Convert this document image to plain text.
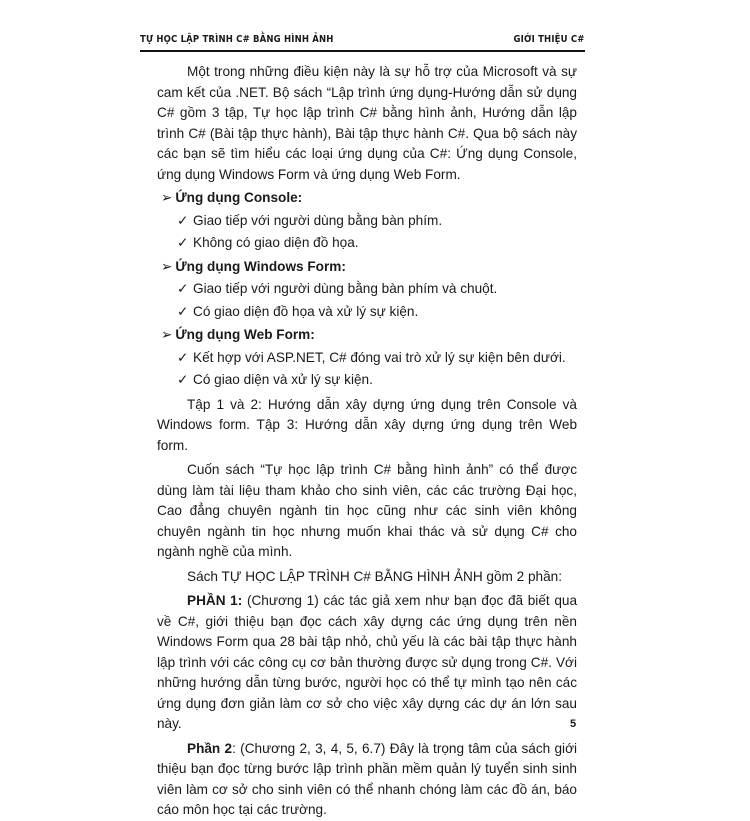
TỰ HỌC LẬP TRÌNH C# BẰNG HÌNH ẢNH	GIỚI THIỆU C#

Một trong những điều kiện này là sự hỗ trợ của Microsoft và sự cam kết của .NET. Bộ sách “Lập trình ứng dụng-Hướng dẫn sử dụng C# gồm 3 tập, Tự học lập trình C# bằng hình ảnh, Hướng dẫn lập trình C# (Bài tập thực hành), Bài tập thực hành C#. Qua bộ sách này các bạn sẽ tìm hiểu các loại ứng dụng của C#: Ứng dụng Console, ứng dụng Windows Form và ứng dụng Web Form.

➢ Ứng dụng Console:

✓ Giao tiếp với người dùng bằng bàn phím.

✓ Không có giao diện đồ họa.

➢ Ứng dụng Windows Form:

✓ Giao tiếp với người dùng bằng bàn phím và chuột.

✓ Có giao diện đồ họa và xử lý sự kiện.

➢ Ứng dụng Web Form:

✓ Kết hợp với ASP.NET, C# đóng vai trò xử lý sự kiện bên dưới.

✓ Có giao diện và xử lý sự kiện.

Tập 1 và 2: Hướng dẫn xây dựng ứng dụng trên Console và Windows form. Tập 3: Hướng dẫn xây dựng ứng dụng trên Web form.

Cuốn sách “Tự học lập trình C# bằng hình ảnh” có thể được dùng làm tài liệu tham khảo cho sinh viên, các các trường Đại học, Cao đẳng chuyên ngành tin học cũng như các sinh viên không chuyên ngành tin học nhưng muốn khai thác và sử dụng C# cho ngành nghề của mình.

Sách TỰ HỌC LẬP TRÌNH C# BẰNG HÌNH ẢNH gồm 2 phần:

PHẦN 1: (Chương 1) các tác giả xem như bạn đọc đã biết qua về C#, giới thiệu bạn đọc cách xây dựng các ứng dụng trên nền Windows Form qua 28 bài tập nhỏ, chủ yếu là các bài tập thực hành lập trình với các công cụ cơ bản thường được sử dụng trong C#. Với những hướng dẫn từng bước, người học có thể tự mình tạo nên các ứng dụng đơn giản làm cơ sở cho việc xây dựng các dự án lớn sau này.

Phần 2: (Chương 2, 3, 4, 5, 6.7) Đây là trọng tâm của sách giới thiệu bạn đọc từng bước lập trình phần mềm quản lý tuyển sinh sinh viên làm cơ sở cho sinh viên có thể nhanh chóng làm các đồ án, báo cáo môn học tại các trường.

5
